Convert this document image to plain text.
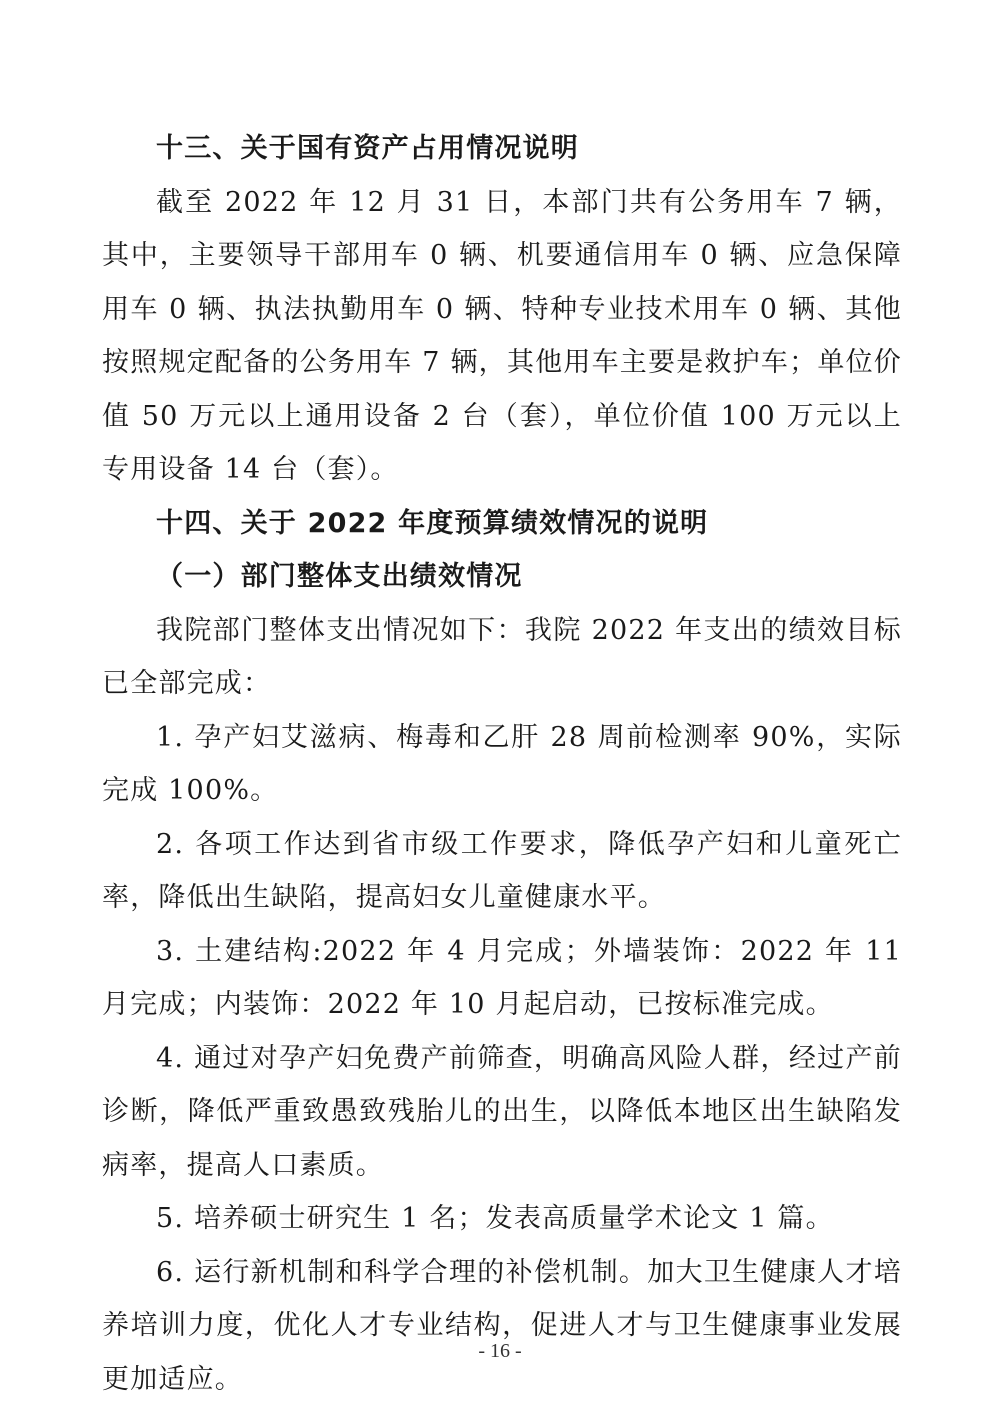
十三、关于国有资产占用情况说明

截至 2022 年 12 月 31 日，本部门共有公务用车 7 辆，其中，主要领导干部用车 0 辆、机要通信用车 0 辆、应急保障用车 0 辆、执法执勤用车 0 辆、特种专业技术用车 0 辆、其他按照规定配备的公务用车 7 辆，其他用车主要是救护车；单位价值 50 万元以上通用设备 2 台（套），单位价值 100 万元以上专用设备 14 台（套）。

十四、关于 2022 年度预算绩效情况的说明

（一）部门整体支出绩效情况

我院部门整体支出情况如下：我院 2022 年支出的绩效目标已全部完成：

1. 孕产妇艾滋病、梅毒和乙肝 28 周前检测率 90%，实际完成 100%。

2. 各项工作达到省市级工作要求，降低孕产妇和儿童死亡率，降低出生缺陷，提高妇女儿童健康水平。

3. 土建结构:2022 年 4 月完成；外墙装饰：2022 年 11 月完成；内装饰：2022 年 10 月起启动，已按标准完成。

4. 通过对孕产妇免费产前筛查，明确高风险人群，经过产前诊断，降低严重致愚致残胎儿的出生，以降低本地区出生缺陷发病率，提高人口素质。

5. 培养硕士研究生 1 名；发表高质量学术论文 1 篇。

6. 运行新机制和科学合理的补偿机制。加大卫生健康人才培养培训力度，优化人才专业结构，促进人才与卫生健康事业发展更加适应。

- 16 -
